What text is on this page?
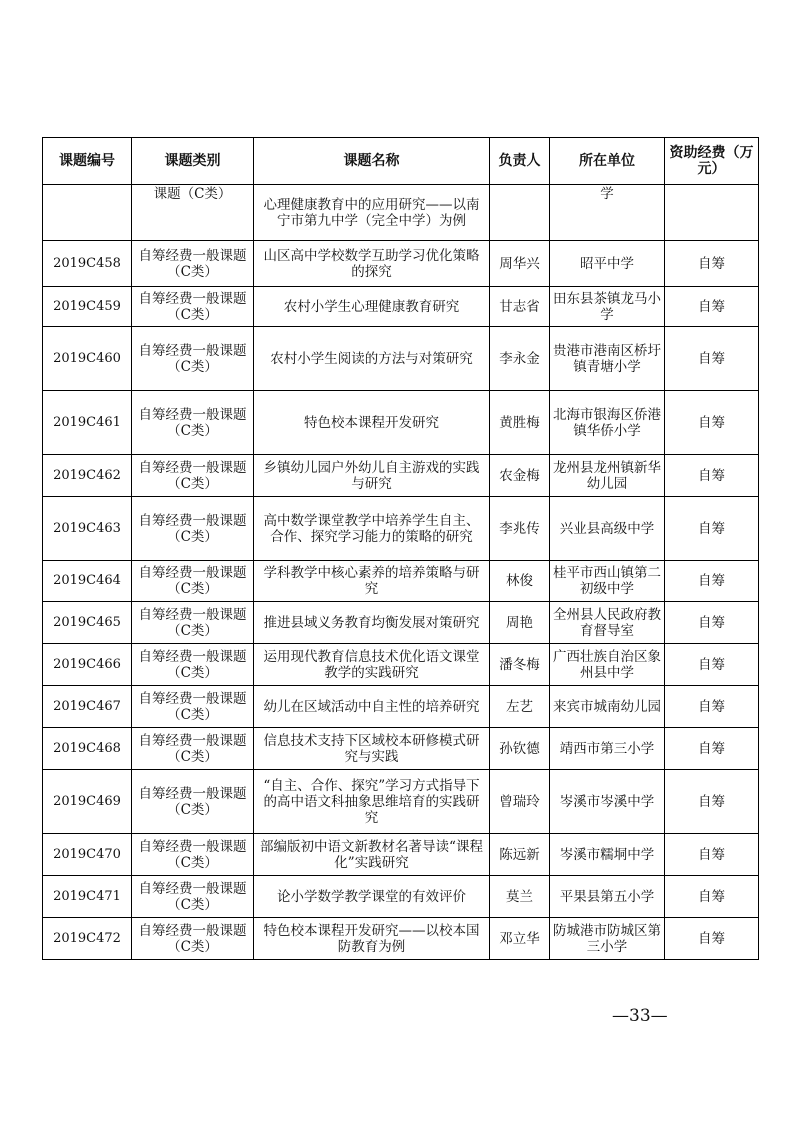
课题编号	课题类别	课题名称	负责人	所在单位	资助经费（万元）
	课题（C类）	心理健康教育中的应用研究——以南宁市第九中学（完全中学）为例		学	
2019C458	自筹经费一般课题（C类）	山区高中学校数学互助学习优化策略的探究	周华兴	昭平中学	自筹
2019C459	自筹经费一般课题（C类）	农村小学生心理健康教育研究	甘志省	田东县茶镇龙马小学	自筹
2019C460	自筹经费一般课题（C类）	农村小学生阅读的方法与对策研究	李永金	贵港市港南区桥圩镇青塘小学	自筹
2019C461	自筹经费一般课题（C类）	特色校本课程开发研究	黄胜梅	北海市银海区侨港镇华侨小学	自筹
2019C462	自筹经费一般课题（C类）	乡镇幼儿园户外幼儿自主游戏的实践与研究	农金梅	龙州县龙州镇新华幼儿园	自筹
2019C463	自筹经费一般课题（C类）	高中数学课堂教学中培养学生自主、合作、探究学习能力的策略的研究	李兆传	兴业县高级中学	自筹
2019C464	自筹经费一般课题（C类）	学科教学中核心素养的培养策略与研究	林俊	桂平市西山镇第二初级中学	自筹
2019C465	自筹经费一般课题（C类）	推进县域义务教育均衡发展对策研究	周艳	全州县人民政府教育督导室	自筹
2019C466	自筹经费一般课题（C类）	运用现代教育信息技术优化语文课堂教学的实践研究	潘冬梅	广西壮族自治区象州县中学	自筹
2019C467	自筹经费一般课题（C类）	幼儿在区域活动中自主性的培养研究	左艺	来宾市城南幼儿园	自筹
2019C468	自筹经费一般课题（C类）	信息技术支持下区域校本研修模式研究与实践	孙钦德	靖西市第三小学	自筹
2019C469	自筹经费一般课题（C类）	“自主、合作、探究”学习方式指导下的高中语文科抽象思维培育的实践研究	曾瑞玲	岑溪市岑溪中学	自筹
2019C470	自筹经费一般课题（C类）	部编版初中语文新教材名著导读“课程化”实践研究	陈远新	岑溪市糯垌中学	自筹
2019C471	自筹经费一般课题（C类）	论小学数学教学课堂的有效评价	莫兰	平果县第五小学	自筹
2019C472	自筹经费一般课题（C类）	特色校本课程开发研究——以校本国防教育为例	邓立华	防城港市防城区第三小学	自筹
—33—
